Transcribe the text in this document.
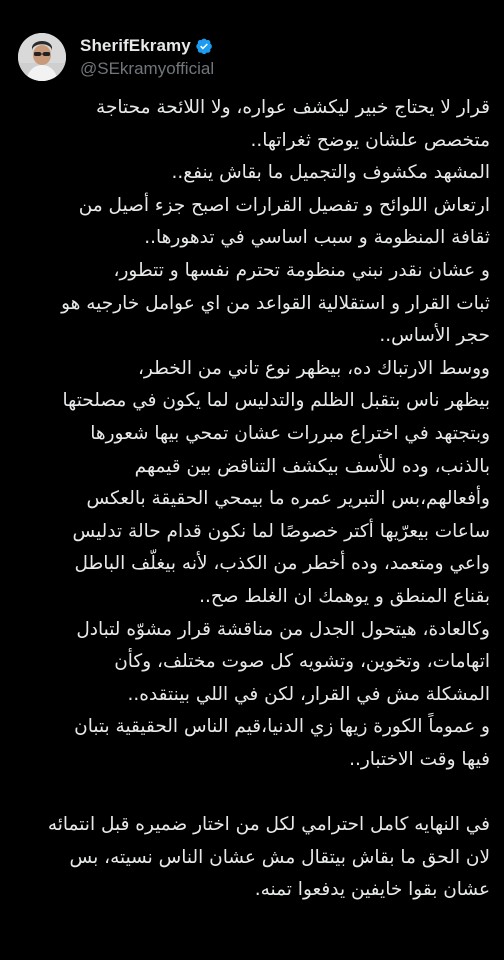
SherifEkramy
@SEkramyofficial
قرار لا يحتاج خبير ليكشف عواره، ولا اللائحة محتاجة
متخصص علشان يوضح ثغراتها..
المشهد مكشوف والتجميل ما بقاش ينفع..
ارتعاش اللوائح و تفصيل القرارات اصبح جزء أصيل من
ثقافة المنظومة و سبب اساسي في تدهورها..
و عشان نقدر نبني منظومة تحترم نفسها و تتطور،
ثبات القرار و استقلالية القواعد من اي عوامل خارجيه هو
حجر الأساس..
ووسط الارتباك ده، بيظهر نوع تاني من الخطر،
بيظهر ناس بتقبل الظلم والتدليس لما يكون في مصلحتها
وبتجتهد في اختراع مبررات عشان تمحي بيها شعورها
بالذنب، وده للأسف بيكشف التناقض بين قيمهم
وأفعالهم،بس التبرير عمره ما بيمحي الحقيقة بالعكس
ساعات بيعرّيها أكتر خصوصًا لما نكون قدام حالة تدليس
واعي ومتعمد، وده أخطر من الكذب، لأنه بيغلّف الباطل
بقناع المنطق و يوهمك ان الغلط صح..
وكالعادة، هيتحول الجدل من مناقشة قرار مشوّه لتبادل
اتهامات، وتخوين، وتشويه كل صوت مختلف، وكأن
المشكلة مش في القرار، لكن في اللي بينتقده..
و عموماً الكورة زيها زي الدنيا،قيم الناس الحقيقية بتبان
فيها وقت الاختبار..
في النهايه كامل احترامي لكل من اختار ضميره قبل انتمائه
لان الحق ما بقاش بيتقال مش عشان الناس نسيته، بس
عشان بقوا خايفين يدفعوا تمنه.
